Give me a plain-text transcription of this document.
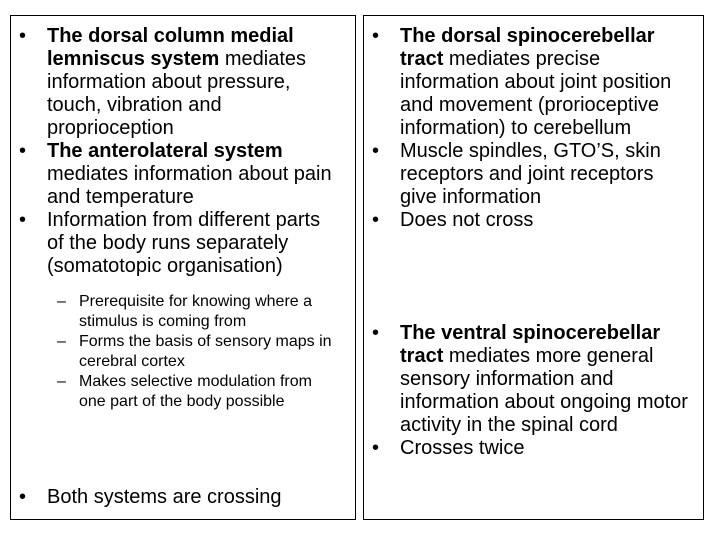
• The dorsal column medial lemniscus system mediates information about pressure, touch, vibration and proprioception
• The anterolateral system mediates information about pain and temperature
• Information from different parts of the body runs separately (somatotopic organisation)
– Prerequisite for knowing where a stimulus is coming from
– Forms the basis of sensory maps in cerebral cortex
– Makes selective modulation from one part of the body possible
• Both systems are crossing
• The dorsal spinocerebellar tract mediates precise information about joint position and movement (prorioceptive information) to cerebellum
• Muscle spindles, GTO’S, skin receptors and joint receptors give information
• Does not cross
• The ventral spinocerebellar tract mediates more general sensory information and information about ongoing motor activity in the spinal cord
• Crosses twice
